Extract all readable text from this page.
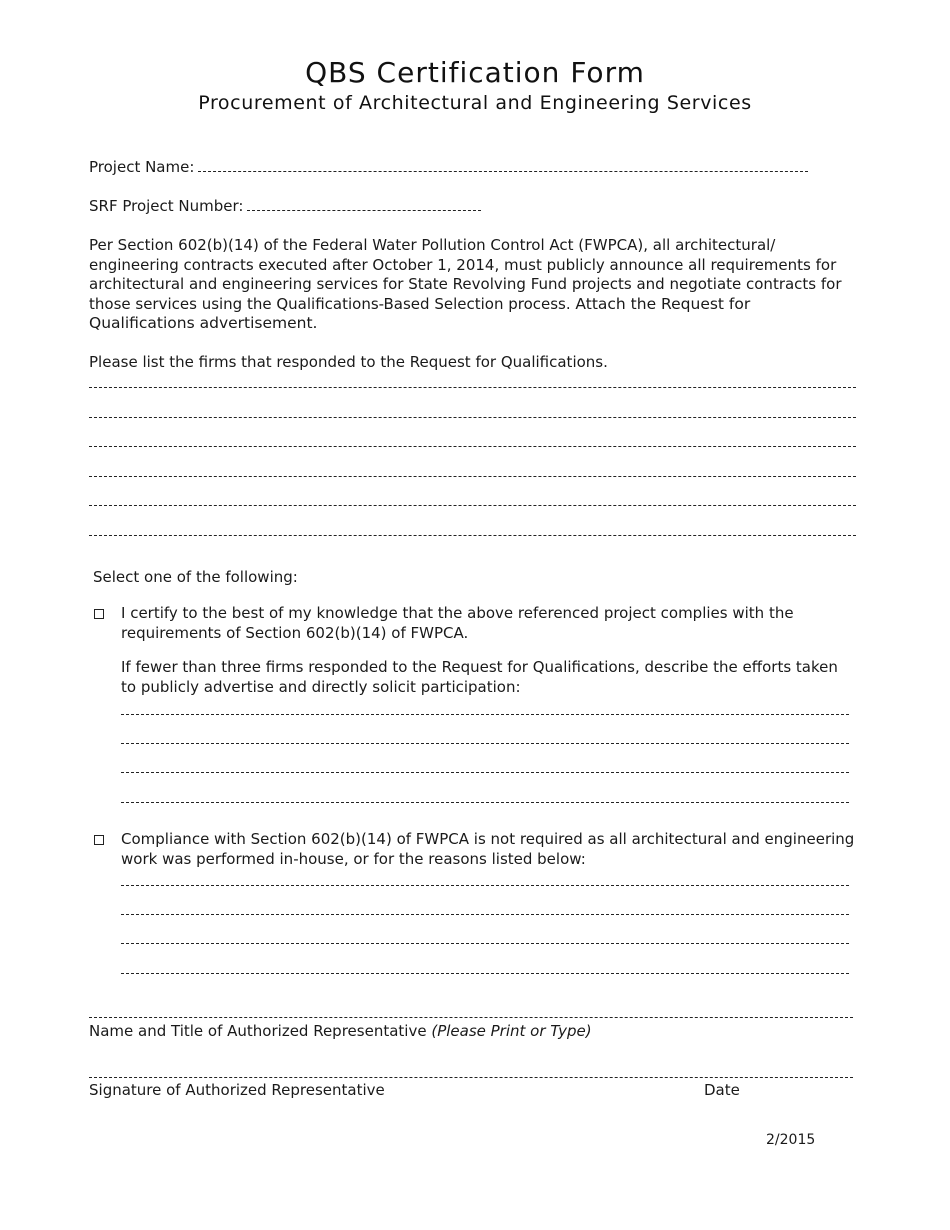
QBS Certification Form
Procurement of Architectural and Engineering Services
Project Name:
SRF Project Number:
Per Section 602(b)(14) of the Federal Water Pollution Control Act (FWPCA), all architectural/ engineering contracts executed after October 1, 2014, must publicly announce all requirements for architectural and engineering services for State Revolving Fund projects and negotiate contracts for those services using the Qualifications-Based Selection process. Attach the Request for Qualifications advertisement.
Please list the firms that responded to the Request for Qualifications.
Select one of the following:
I certify to the best of my knowledge that the above referenced project complies with the requirements of Section 602(b)(14) of FWPCA.
If fewer than three firms responded to the Request for Qualifications, describe the efforts taken to publicly advertise and directly solicit participation:
Compliance with Section 602(b)(14) of FWPCA is not required as all architectural and engineering work was performed in-house, or for the reasons listed below:
Name and Title of Authorized Representative (Please Print or Type)
Signature of Authorized Representative	Date
2/2015
